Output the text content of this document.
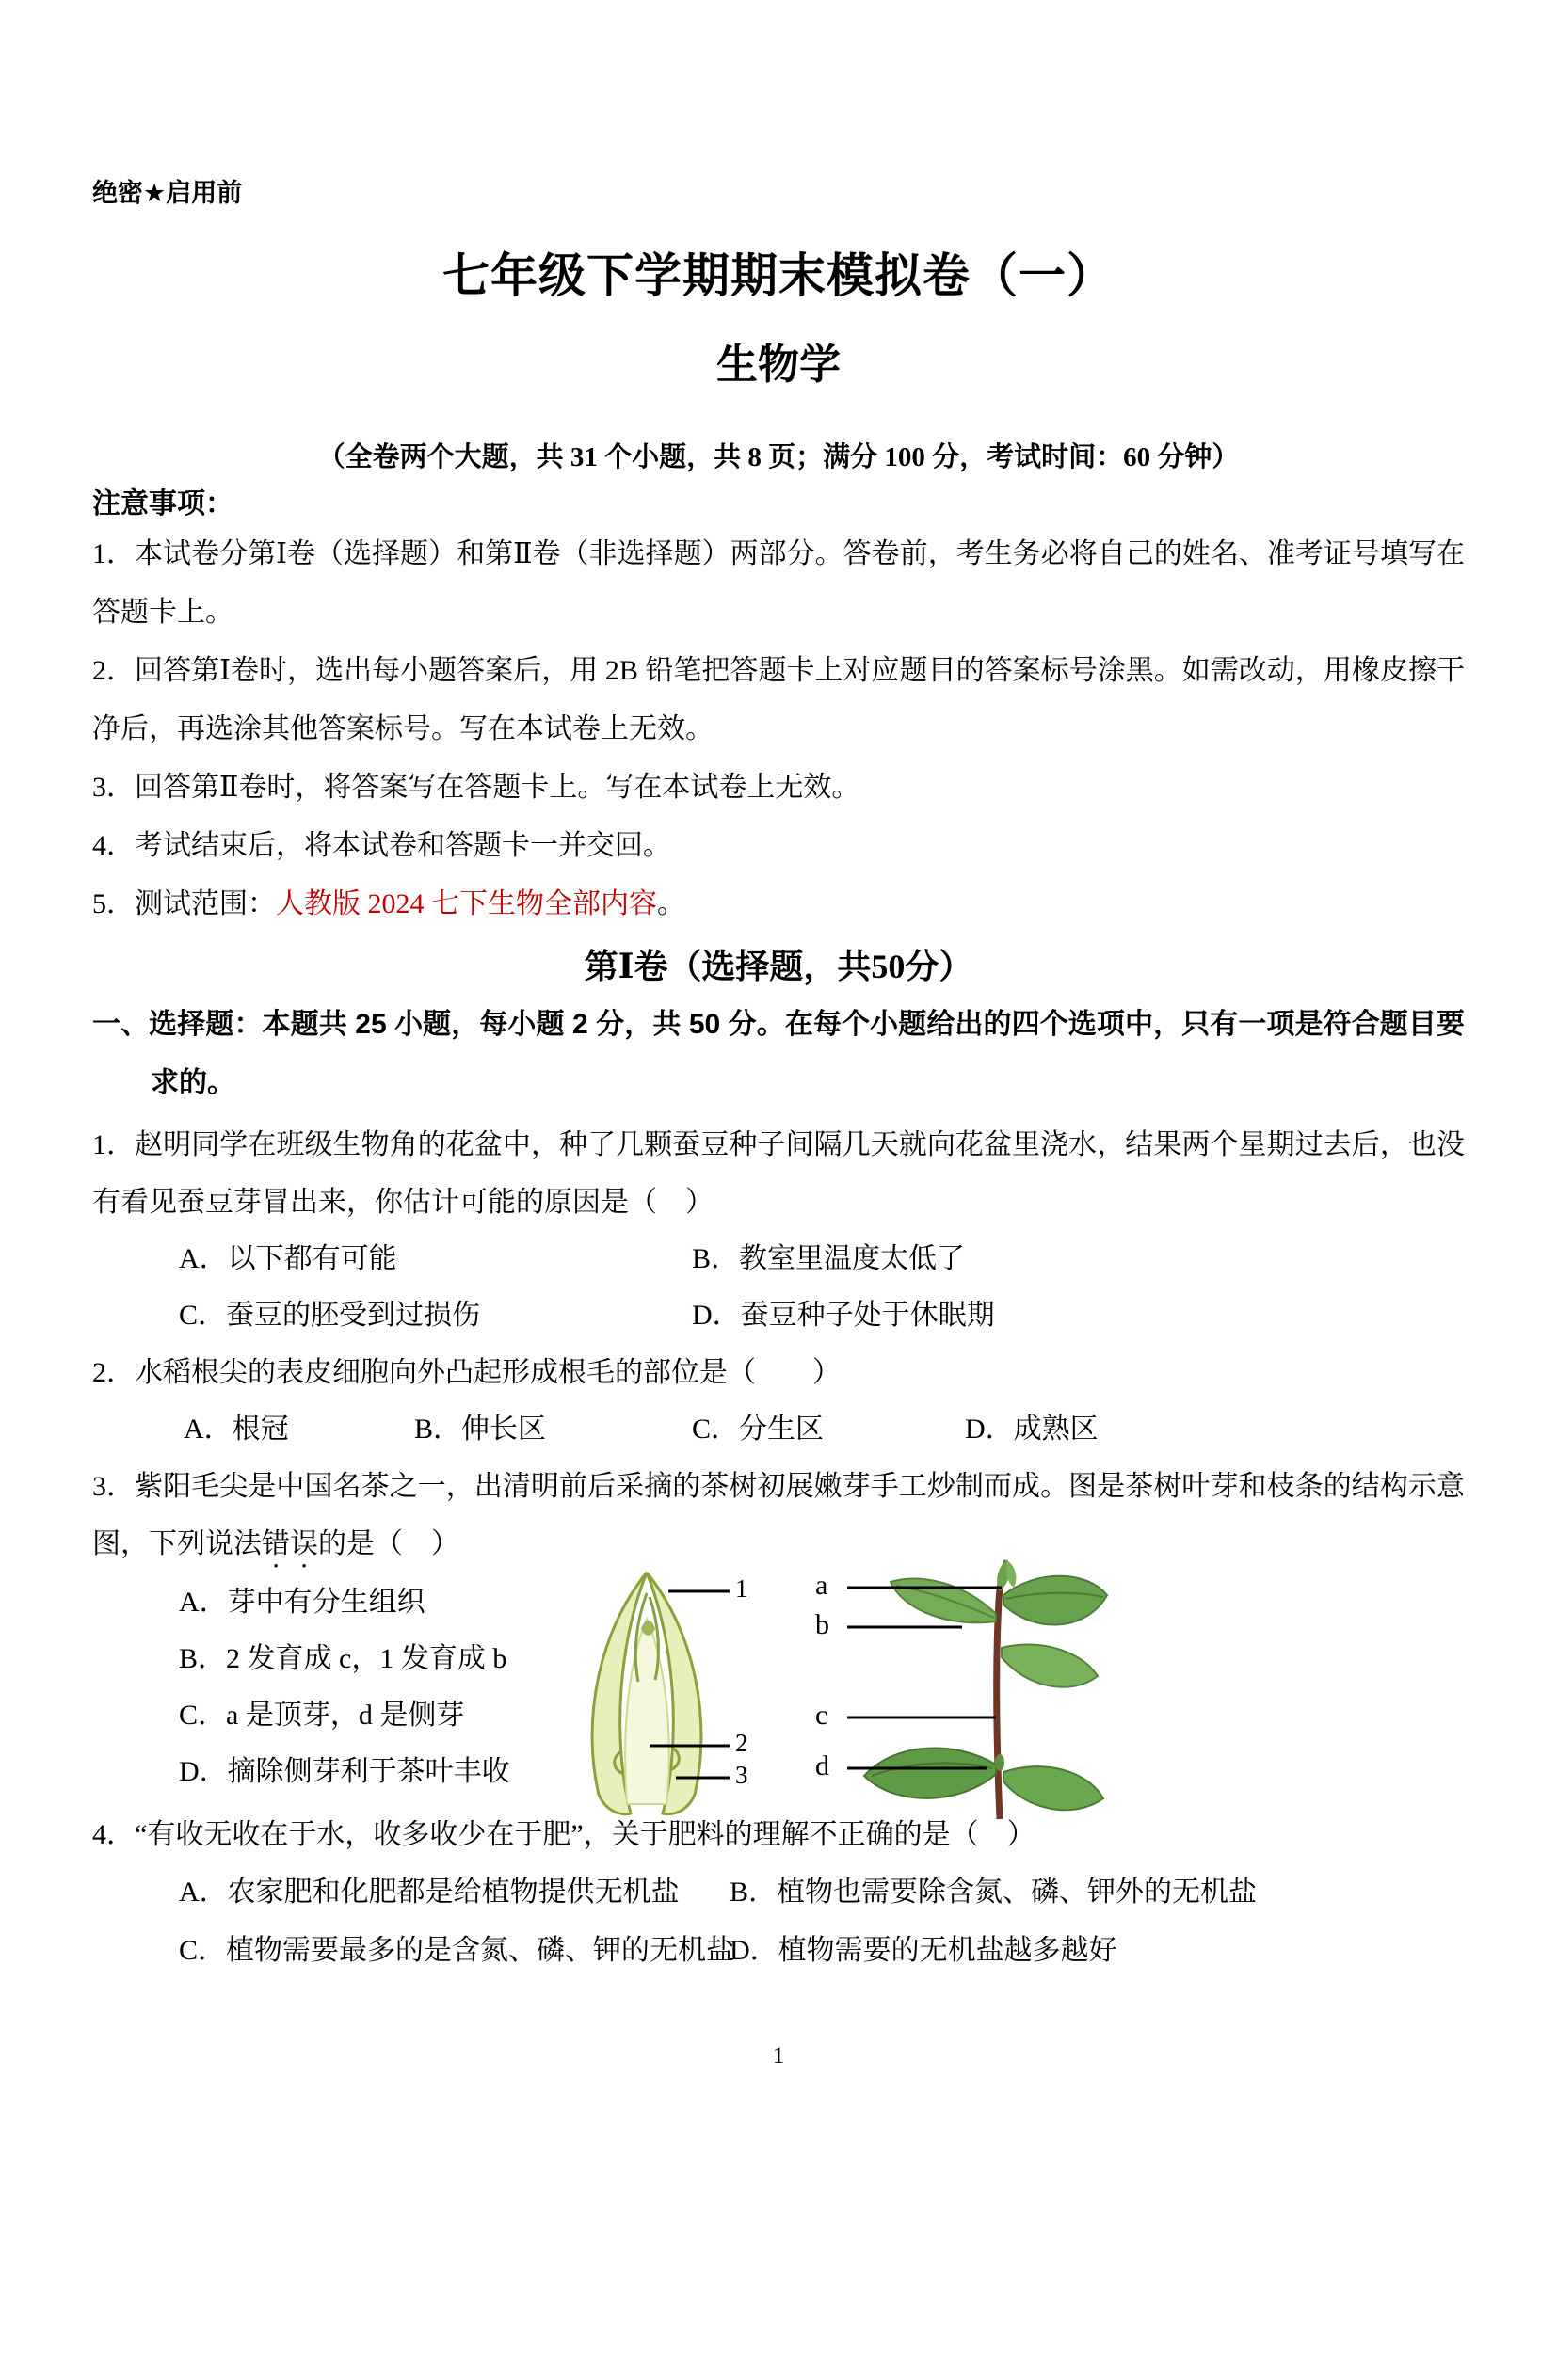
绝密★启用前
七年级下学期期末模拟卷（一）
生物学
（全卷两个大题，共 31 个小题，共 8 页；满分 100 分，考试时间：60 分钟）
注意事项：

1．本试卷分第Ⅰ卷（选择题）和第Ⅱ卷（非选择题）两部分。答卷前，考生务必将自己的姓名、准考证号填写在答题卡上。

2．回答第Ⅰ卷时，选出每小题答案后，用 2B 铅笔把答题卡上对应题目的答案标号涂黑。如需改动，用橡皮擦干净后，再选涂其他答案标号。写在本试卷上无效。

3．回答第Ⅱ卷时，将答案写在答题卡上。写在本试卷上无效。

4．考试结束后，将本试卷和答题卡一并交回。

5．测试范围：人教版 2024 七下生物全部内容。

第Ⅰ卷（选择题，共50分）

一、选择题：本题共 25 小题，每小题 2 分，共 50 分。在每个小题给出的四个选项中，只有一项是符合题目要求的。

1．赵明同学在班级生物角的花盆中，种了几颗蚕豆种子间隔几天就向花盆里浇水，结果两个星期过去后，也没有看见蚕豆芽冒出来，你估计可能的原因是（　）

A．以下都有可能	B．教室里温度太低了
C．蚕豆的胚受到过损伤	D．蚕豆种子处于休眠期

2．水稻根尖的表皮细胞向外凸起形成根毛的部位是（　　）

A．根冠	B．伸长区	C．分生区	D．成熟区

3．紫阳毛尖是中国名茶之一，出清明前后采摘的茶树初展嫩芽手工炒制而成。图是茶树叶芽和枝条的结构示意图，下列说法错误的是（　）

A．芽中有分生组织
B．2 发育成 c，1 发育成 b
C．a 是顶芽，d 是侧芽
D．摘除侧芽利于茶叶丰收
1
2
3
a
b
c
d

4．“有收无收在于水，收多收少在于肥”，关于肥料的理解不正确的是（　）

A．农家肥和化肥都是给植物提供无机盐 B．植物也需要除含氮、磷、钾外的无机盐
C．植物需要最多的是含氮、磷、钾的无机盐D．植物需要的无机盐越多越好
1
